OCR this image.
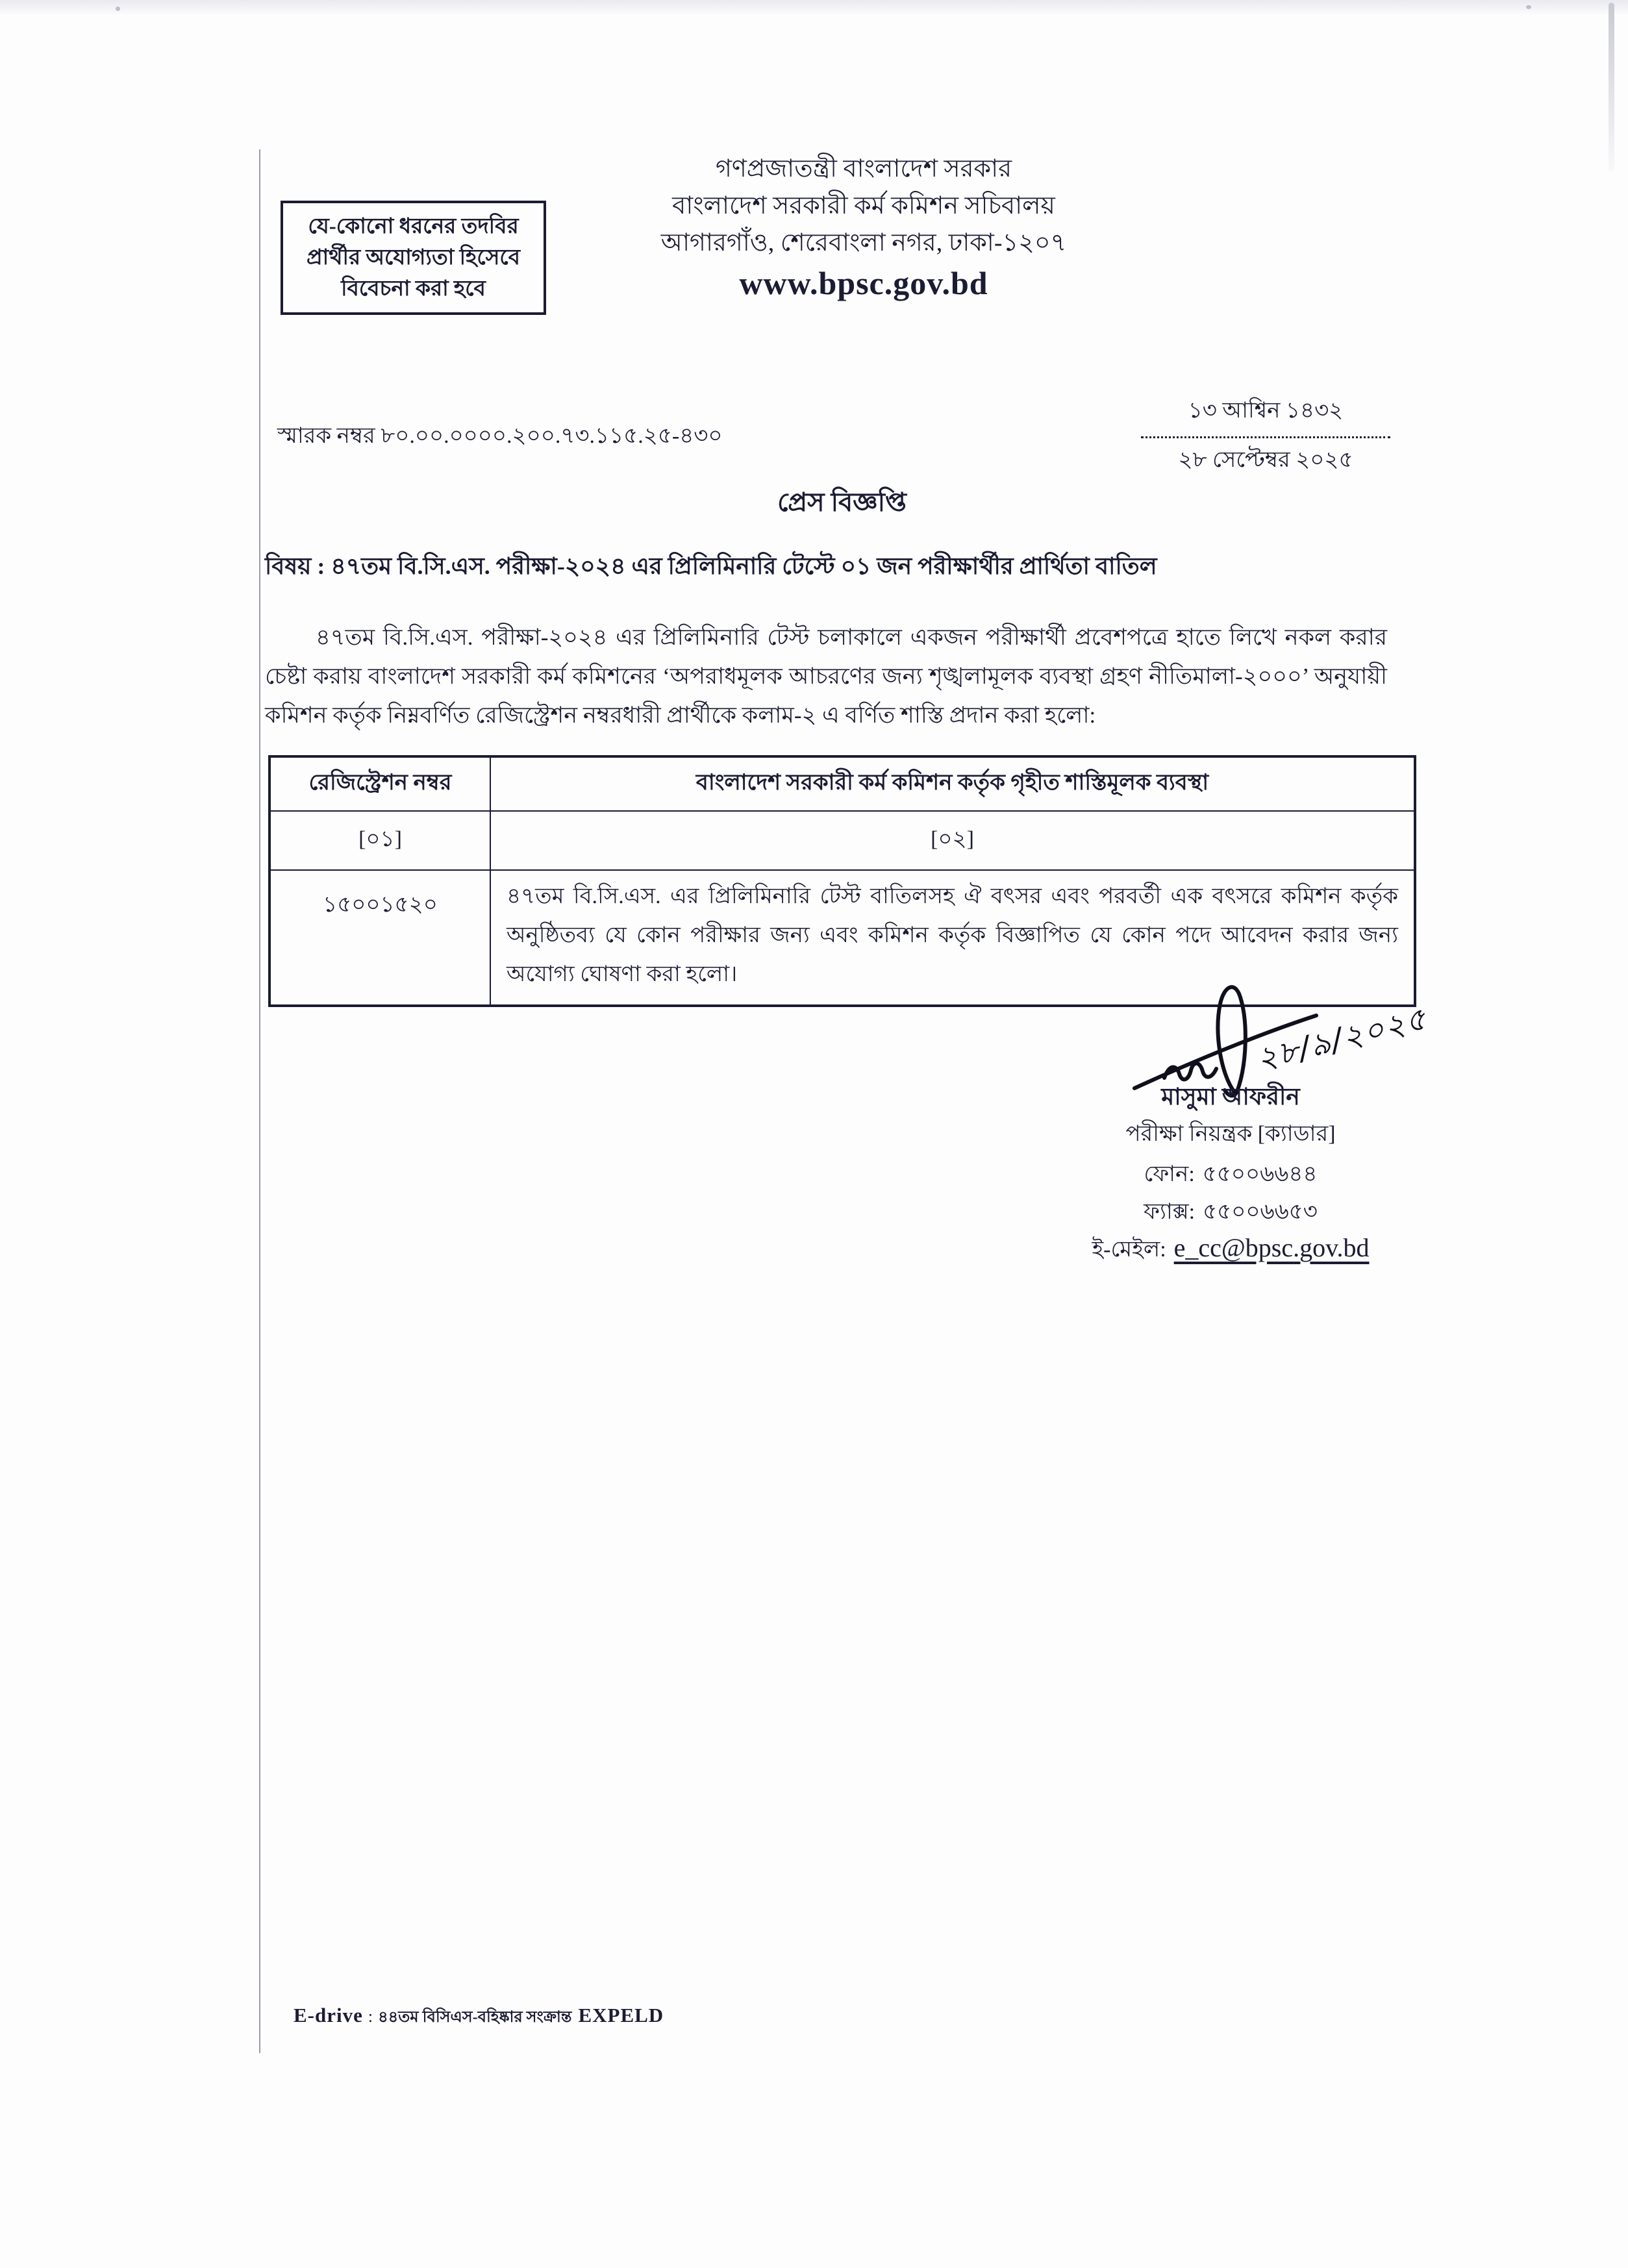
যে-কোনো ধরনের তদবির
প্রার্থীর অযোগ্যতা হিসেবে
বিবেচনা করা হবে
গণপ্রজাতন্ত্রী বাংলাদেশ সরকার
বাংলাদেশ সরকারী কর্ম কমিশন সচিবালয়
আগারগাঁও, শেরেবাংলা নগর, ঢাকা-১২০৭
www.bpsc.gov.bd
স্মারক নম্বর ৮০.০০.০০০০.২০০.৭৩.১১৫.২৫-৪৩০
১৩ আশ্বিন ১৪৩২
২৮ সেপ্টেম্বর ২০২৫
প্রেস বিজ্ঞপ্তি
বিষয় : ৪৭তম বি.সি.এস. পরীক্ষা-২০২৪ এর প্রিলিমিনারি টেস্টে ০১ জন পরীক্ষার্থীর প্রার্থিতা বাতিল
৪৭তম বি.সি.এস. পরীক্ষা-২০২৪ এর প্রিলিমিনারি টেস্ট চলাকালে একজন পরীক্ষার্থী প্রবেশপত্রে হাতে লিখে নকল করার চেষ্টা করায় বাংলাদেশ সরকারী কর্ম কমিশনের ‘অপরাধমূলক আচরণের জন্য শৃঙ্খলামূলক ব্যবস্থা গ্রহণ নীতিমালা-২০০০’ অনুযায়ী কমিশন কর্তৃক নিম্নবর্ণিত রেজিস্ট্রেশন নম্বরধারী প্রার্থীকে কলাম-২ এ বর্ণিত শাস্তি প্রদান করা হলো:
রেজিস্ট্রেশন নম্বর	বাংলাদেশ সরকারী কর্ম কমিশন কর্তৃক গৃহীত শাস্তিমূলক ব্যবস্থা
[০১]	[০২]
১৫০০১৫২০	৪৭তম বি.সি.এস. এর প্রিলিমিনারি টেস্ট বাতিলসহ ঐ বৎসর এবং পরবর্তী এক বৎসরে কমিশন কর্তৃক অনুষ্ঠিতব্য যে কোন পরীক্ষার জন্য এবং কমিশন কর্তৃক বিজ্ঞাপিত যে কোন পদে আবেদন করার জন্য অযোগ্য ঘোষণা করা হলো।
২৮/৯/২০২৫
মাসুমা আফরীন
পরীক্ষা নিয়ন্ত্রক [ক্যাডার]
ফোন: ৫৫০০৬৬৪৪
ফ্যাক্স: ৫৫০০৬৬৫৩
ই-মেইল: e_cc@bpsc.gov.bd
E-drive : ৪৪তম বিসিএস-বহিষ্কার সংক্রান্ত EXPELD
